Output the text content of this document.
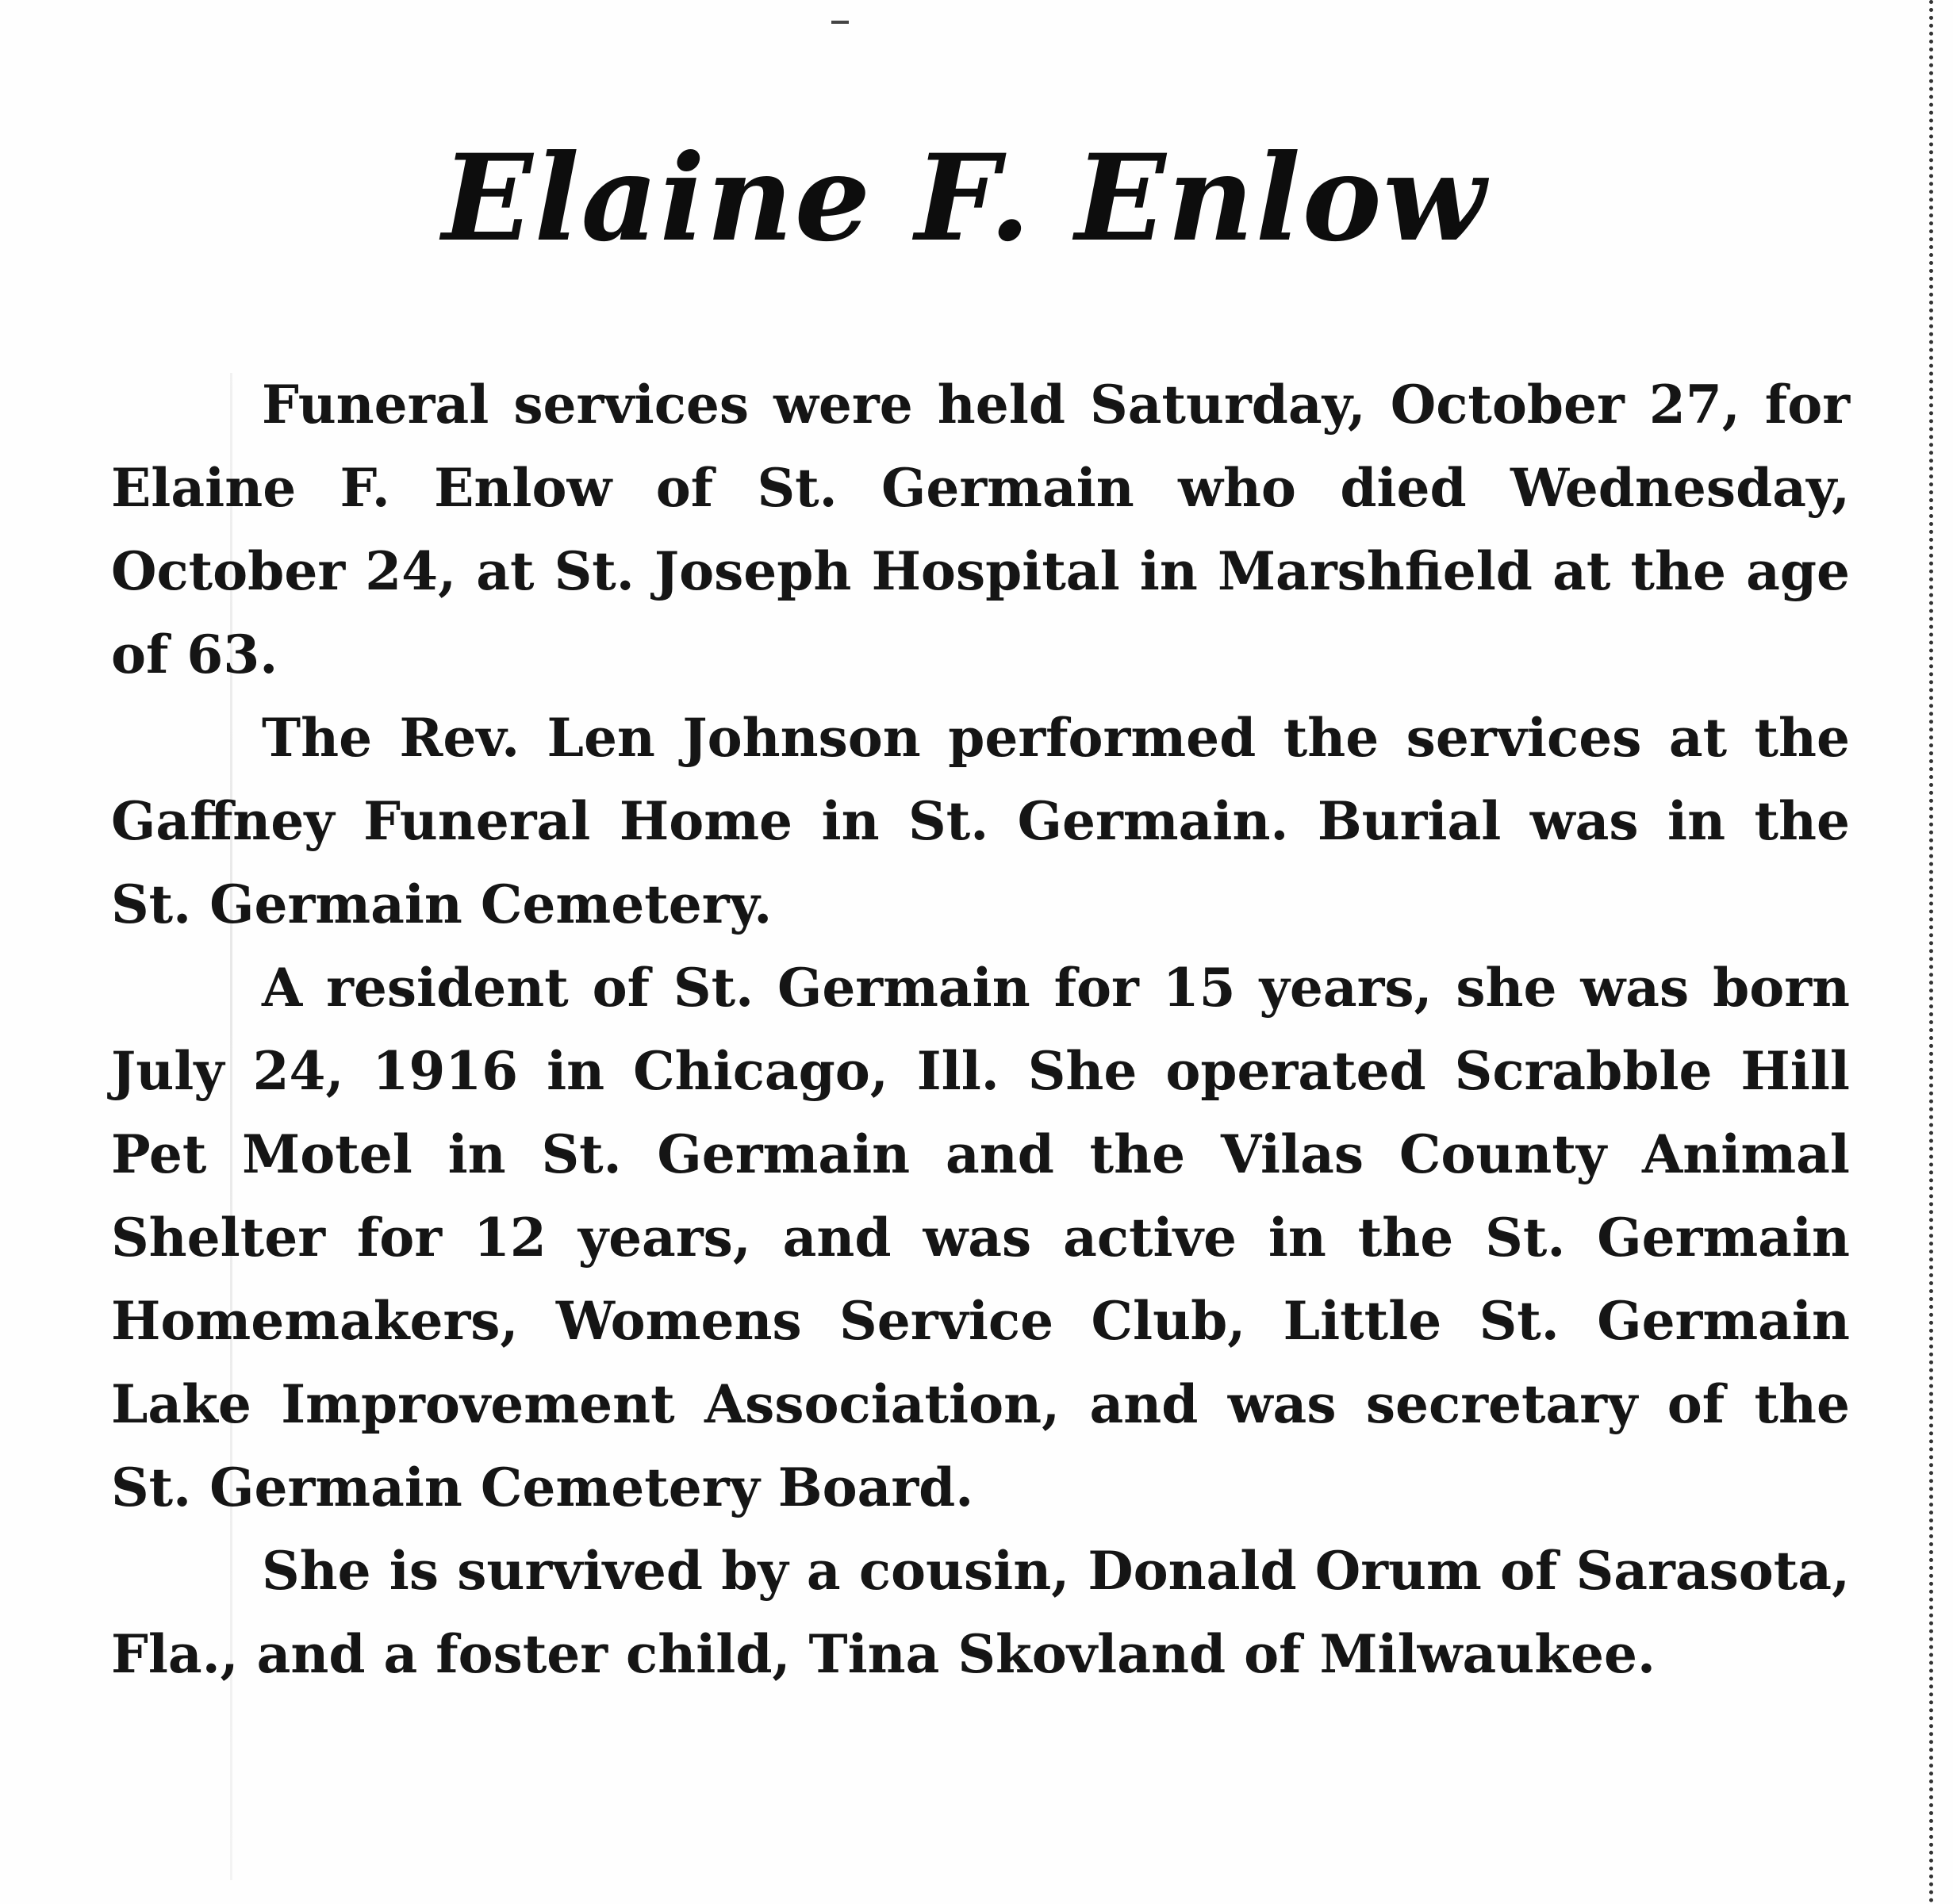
Elaine F. Enlow

Funeral services were held Saturday, October 27, for Elaine F. Enlow of St. Germain who died Wednesday, October 24, at St. Joseph Hospital in Marshfield at the age of 63.

The Rev. Len Johnson performed the services at the Gaffney Funeral Home in St. Germain. Burial was in the St. Germain Cemetery.

A resident of St. Germain for 15 years, she was born July 24, 1916 in Chicago, Ill. She operated Scrabble Hill Pet Motel in St. Germain and the Vilas County Animal Shelter for 12 years, and was active in the St. Germain Homemakers, Womens Service Club, Little St. Germain Lake Improvement Association, and was secretary of the St. Germain Cemetery Board.

She is survived by a cousin, Donald Orum of Sarasota, Fla., and a foster child, Tina Skovland of Milwaukee.
